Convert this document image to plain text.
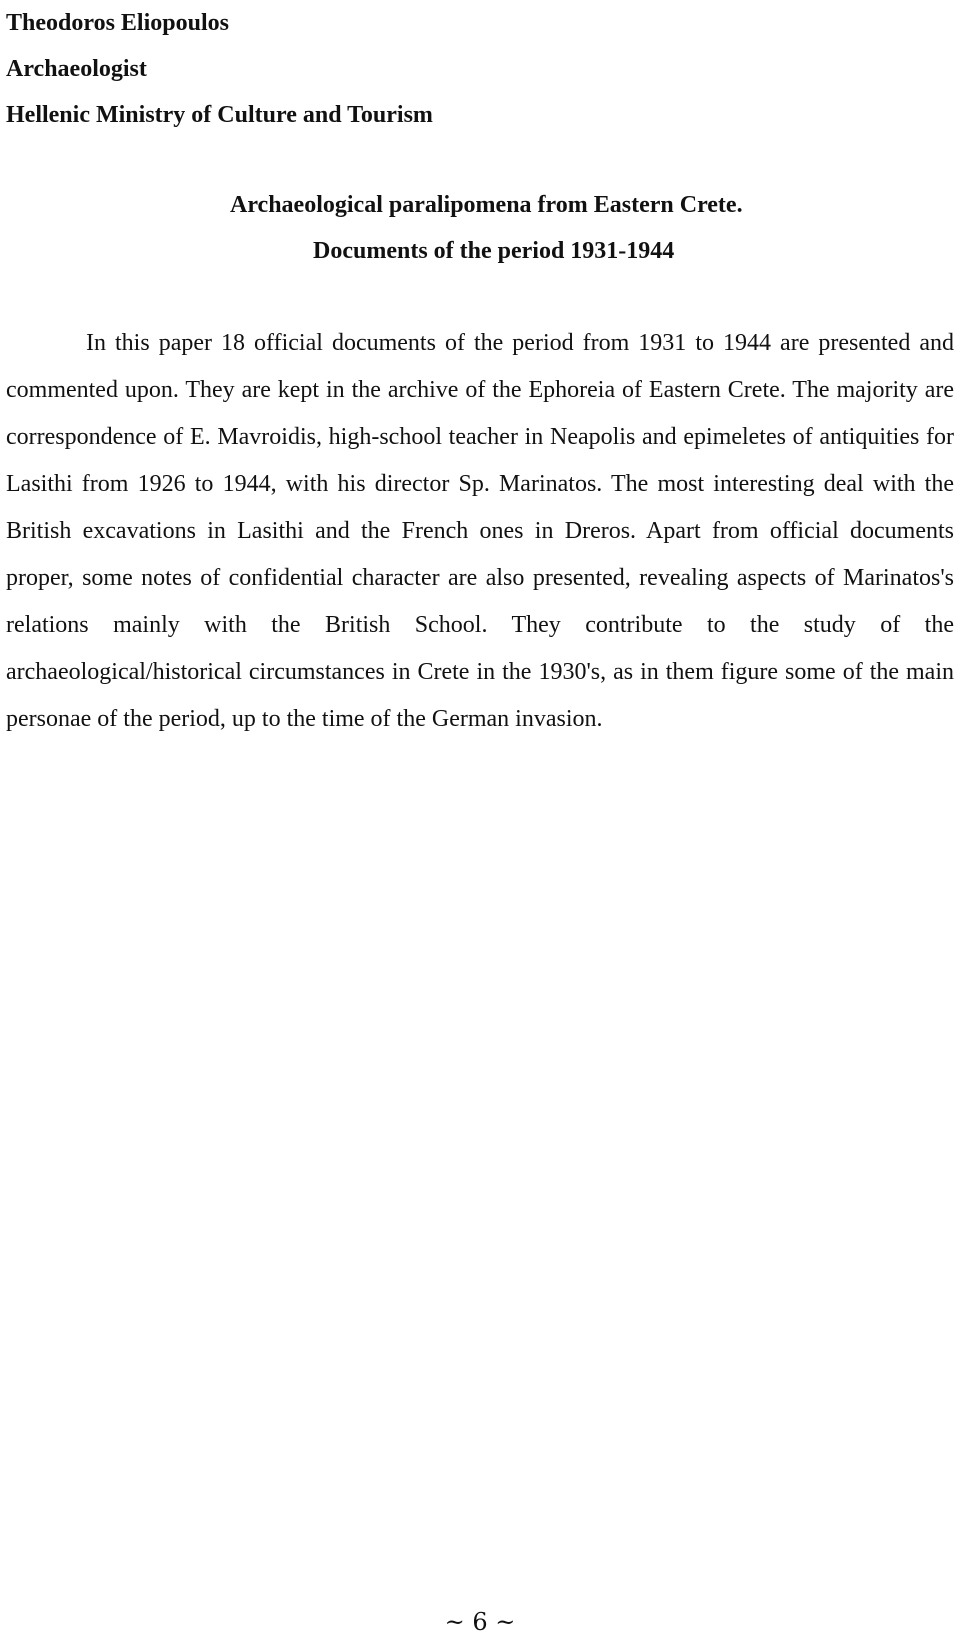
Theodoros Eliopoulos
Archaeologist
Hellenic Ministry of Culture and Tourism
Archaeological paralipomena from Eastern Crete.
Documents of the period 1931-1944

In this paper 18 official documents of the period from 1931 to 1944 are presented and commented upon. They are kept in the archive of the Ephoreia of Eastern Crete. The majority are correspondence of E. Mavroidis, high-school teacher in Neapolis and epimeletes of antiquities for Lasithi from 1926 to 1944, with his director Sp. Marinatos. The most interesting deal with the British excavations in Lasithi and the French ones in Dreros. Apart from official documents proper, some notes of confidential character are also presented, revealing aspects of Marinatos's relations mainly with the British School. They contribute to the study of the archaeological/historical circumstances in Crete in the 1930's, as in them figure some of the main personae of the period, up to the time of the German invasion.

~ 6 ~
